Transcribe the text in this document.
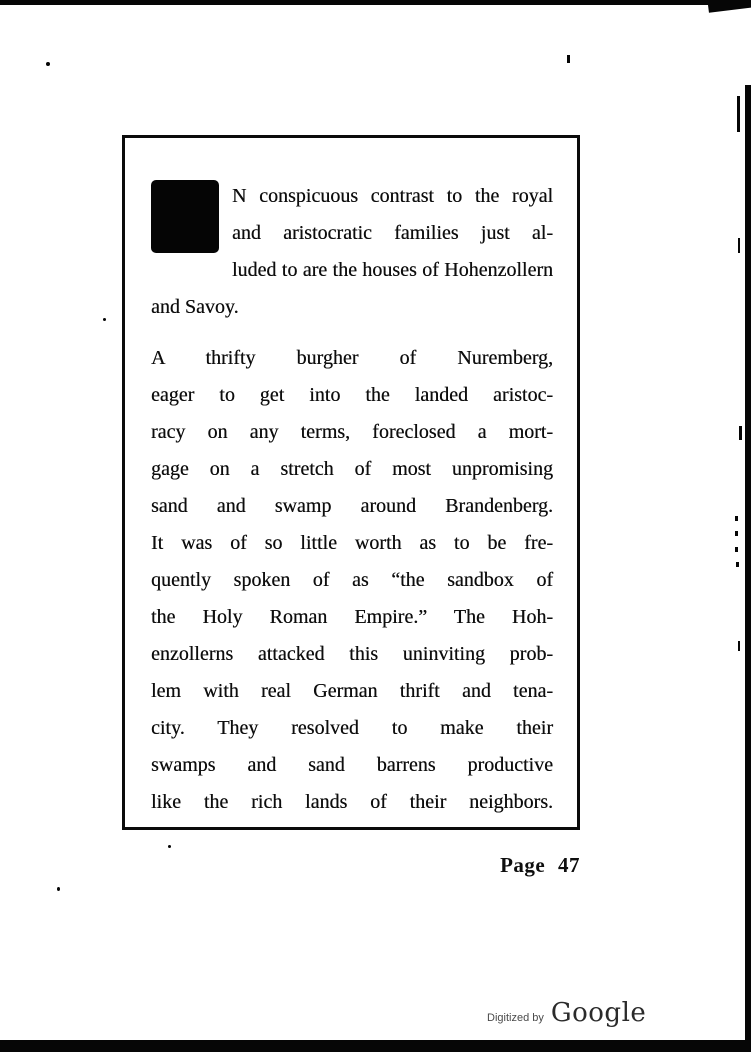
N conspicuous contrast to the royal
and aristocratic families just al-
luded to are the houses of Hohenzollern
and Savoy.
A thrifty burgher of Nuremberg,
eager to get into the landed aristoc-
racy on any terms, foreclosed a mort-
gage on a stretch of most unpromising
sand and swamp around Brandenberg.
It was of so little worth as to be fre-
quently spoken of as “the sandbox of
the Holy Roman Empire.” The Hoh-
enzollerns attacked this uninviting prob-
lem with real German thrift and tena-
city. They resolved to make their
swamps and sand barrens productive
like the rich lands of their neighbors.
Page 47
Digitized by Google
